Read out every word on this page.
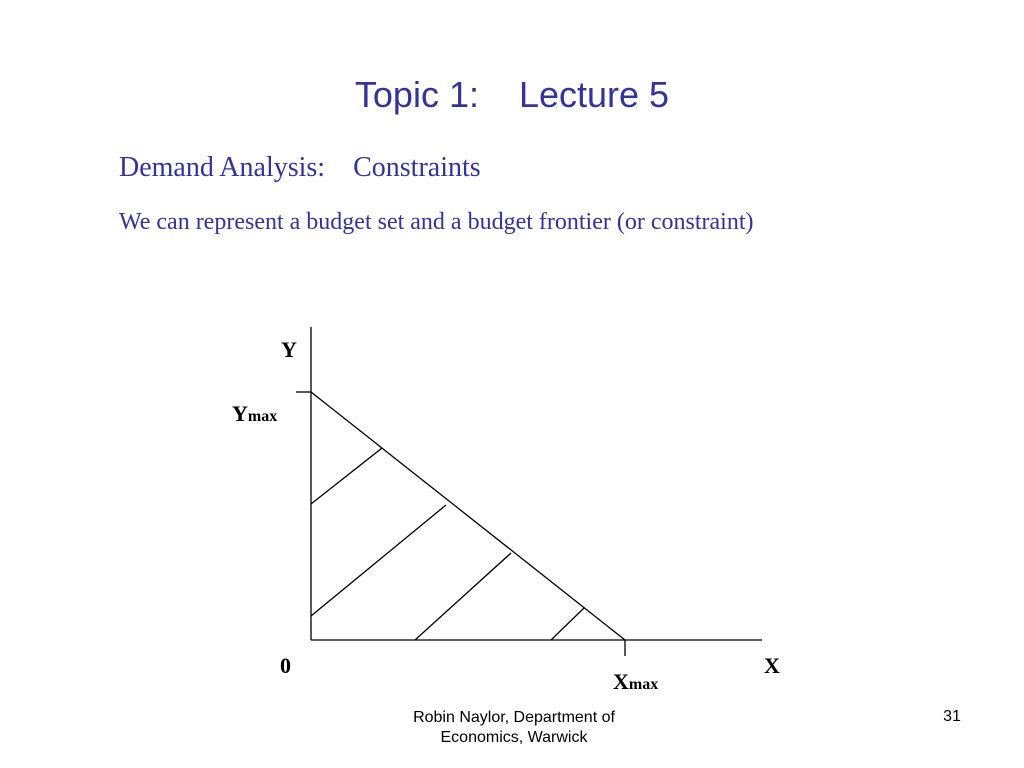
Topic 1:    Lecture 5
Demand Analysis:    Constraints
We can represent a budget set and a budget frontier (or constraint)
Y
Ymax
0	X
Xmax
Robin Naylor, Department of
Economics, Warwick
31
